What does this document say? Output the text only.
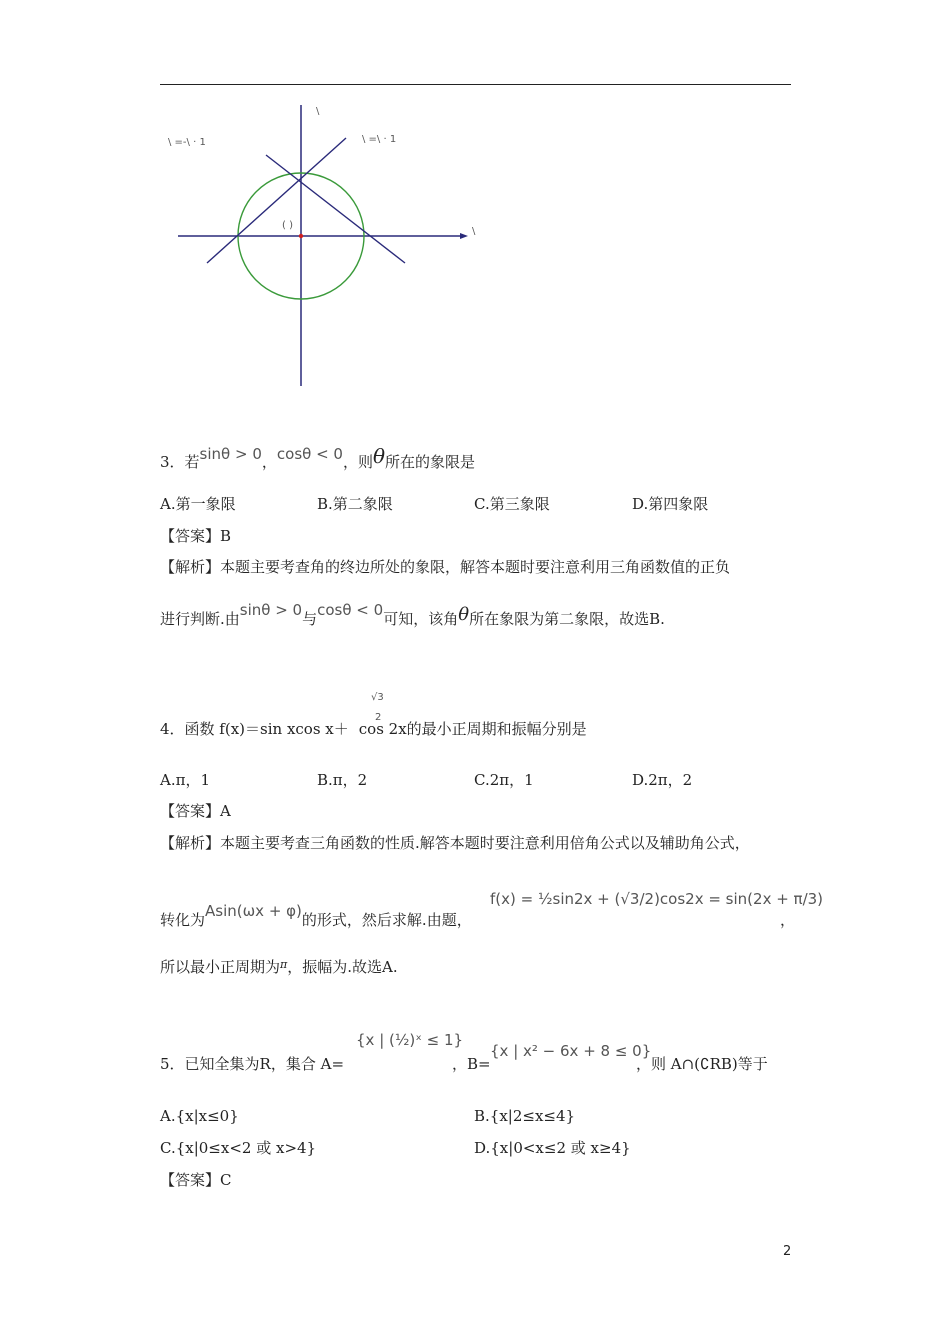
\
\
\ =-\ · 1	\ =\ · 1
( )
3．若sinθ > 0，cosθ < 0，则θ所在的象限是
A.第一象限	B.第二象限	C.第三象限	D.第四象限
【答案】B
【解析】本题主要考查角的终边所处的象限，解答本题时要注意利用三角函数值的正负
进行判断.由sinθ > 0与cosθ < 0可知，该角θ所在象限为第二象限，故选B.
√3
2
4．函数 f(x)＝sin xcos x＋ cos 2x的最小正周期和振幅分别是
A.π，1	B.π，2	C.2π，1	D.2π，2
【答案】A
【解析】本题主要考查三角函数的性质.解答本题时要注意利用倍角公式以及辅助角公式，
转化为Asin(ωx + φ)的形式，然后求解.由题，
f(x) = ½sin2x + (√3/2)cos2x = sin(2x + π/3)
，
所以最小正周期为$^\pi$，振幅为.故选A.
{x | (½)ˣ ≤ 1}
{x | x² − 6x + 8 ≤ 0}
5．已知全集为R，集合 A=	，B=	，则 A∩(∁RB)等于
A.{x|x≤0}	B.{x|2≤x≤4}
C.{x|0≤x<2 或 x>4}	D.{x|0<x≤2 或 x≥4}
【答案】C
2
